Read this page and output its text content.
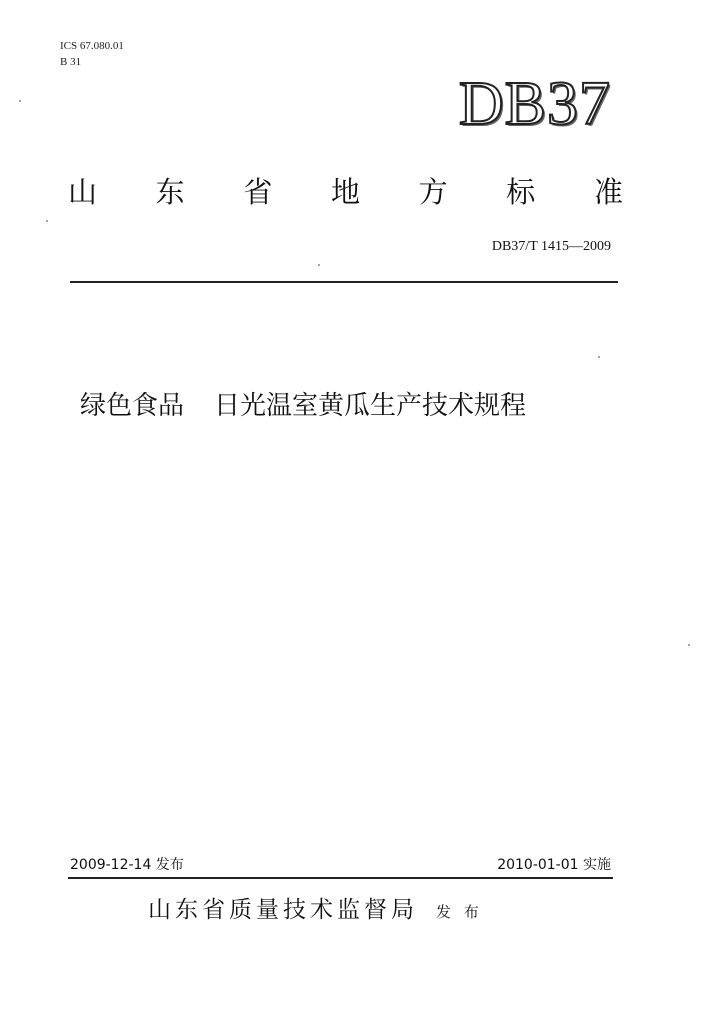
ICS 67.080.01
B 31
DB37
山 东 省 地 方 标 准
DB37/T 1415—2009
绿色食品 日光温室黄瓜生产技术规程
2009-12-14 发布	2010-01-01 实施
山东省质量技术监督局 发 布
